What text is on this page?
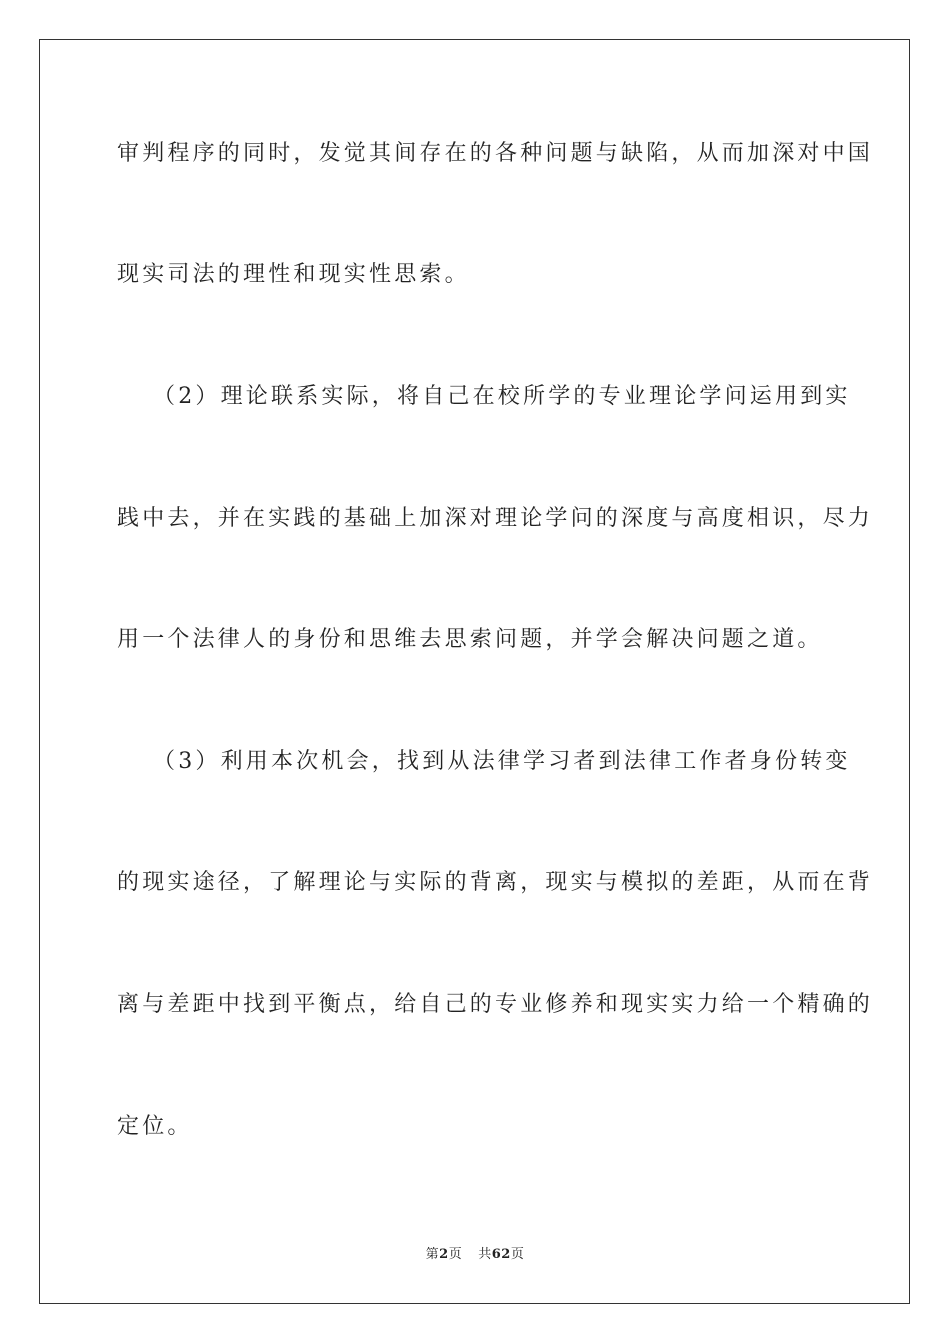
审判程序的同时，发觉其间存在的各种问题与缺陷，从而加深对中国
现实司法的理性和现实性思索。
（2）理论联系实际，将自己在校所学的专业理论学问运用到实
践中去，并在实践的基础上加深对理论学问的深度与高度相识，尽力
用一个法律人的身份和思维去思索问题，并学会解决问题之道。
（3）利用本次机会，找到从法律学习者到法律工作者身份转变
的现实途径，了解理论与实际的背离，现实与模拟的差距，从而在背
离与差距中找到平衡点，给自己的专业修养和现实实力给一个精确的
定位。
第2页 共62页
